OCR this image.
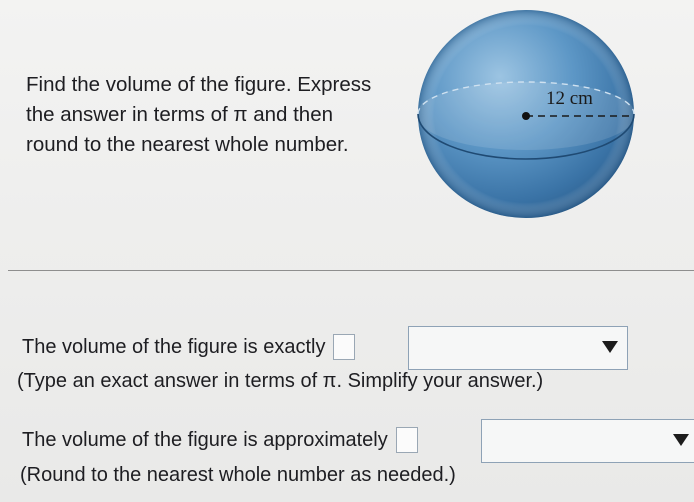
Find the volume of the figure. Express
the answer in terms of π and then
round to the nearest whole number.
12 cm
The volume of the figure is exactly
(Type an exact answer in terms of π. Simplify your answer.)
The volume of the figure is approximately
(Round to the nearest whole number as needed.)
